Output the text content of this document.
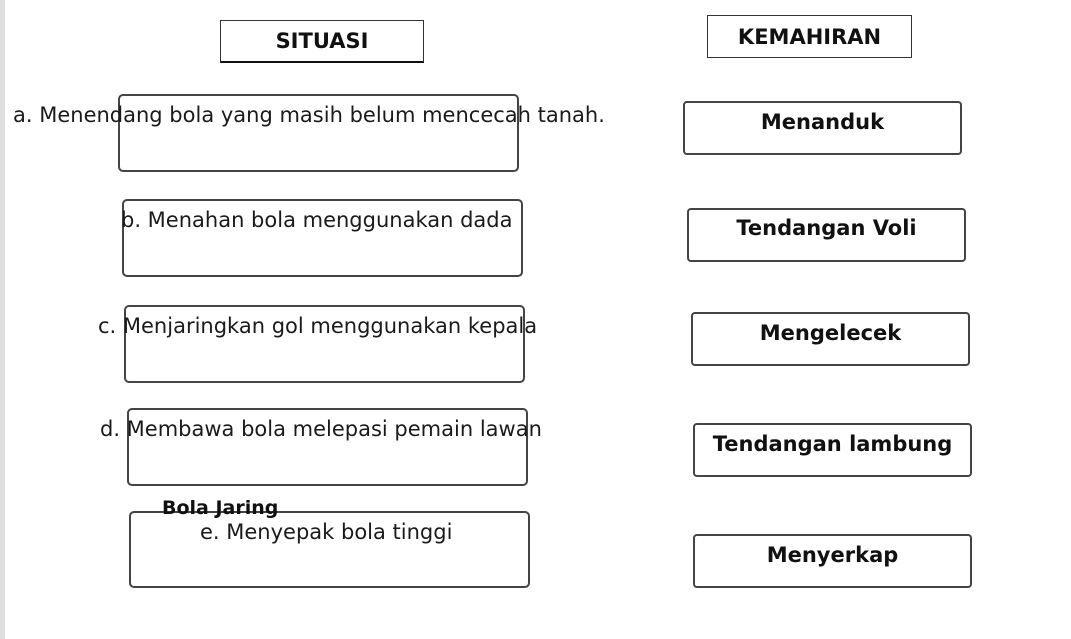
SITUASI	KEMAHIRAN
a. Menendang bola yang masih belum mencecah tanah.
b. Menahan bola menggunakan dada
c. Menjaringkan gol menggunakan kepala
d. Membawa bola melepasi pemain lawan
e. Menyepak bola tinggi
Bola Jaring
Menanduk
Tendangan Voli
Mengelecek
Tendangan lambung
Menyerkap
